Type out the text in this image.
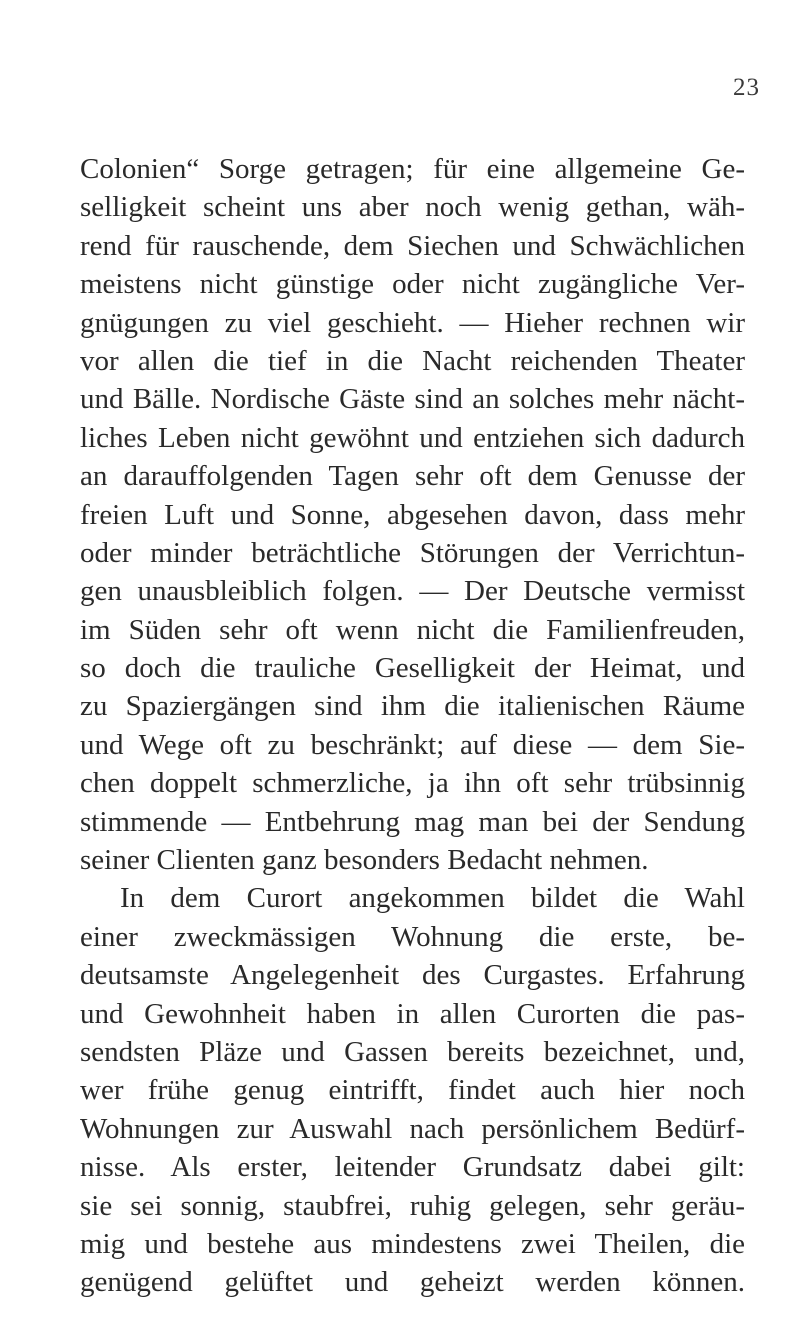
23
Colonien“ Sorge getragen; für eine allgemeine Ge-
selligkeit scheint uns aber noch wenig gethan, wäh-
rend für rauschende, dem Siechen und Schwächlichen
meistens nicht günstige oder nicht zugängliche Ver-
gnügungen zu viel geschieht. — Hieher rechnen wir
vor allen die tief in die Nacht reichenden Theater
und Bälle. Nordische Gäste sind an solches mehr nächt-
liches Leben nicht gewöhnt und entziehen sich dadurch
an darauffolgenden Tagen sehr oft dem Genusse der
freien Luft und Sonne, abgesehen davon, dass mehr
oder minder beträchtliche Störungen der Verrichtun-
gen unausbleiblich folgen. — Der Deutsche vermisst
im Süden sehr oft wenn nicht die Familienfreuden,
so doch die trauliche Geselligkeit der Heimat, und
zu Spaziergängen sind ihm die italienischen Räume
und Wege oft zu beschränkt; auf diese — dem Sie-
chen doppelt schmerzliche, ja ihn oft sehr trübsinnig
stimmende — Entbehrung mag man bei der Sendung
seiner Clienten ganz besonders Bedacht nehmen.
In dem Curort angekommen bildet die Wahl
einer zweckmässigen Wohnung die erste, be-
deutsamste Angelegenheit des Curgastes. Erfahrung
und Gewohnheit haben in allen Curorten die pas-
sendsten Pläze und Gassen bereits bezeichnet, und,
wer frühe genug eintrifft, findet auch hier noch
Wohnungen zur Auswahl nach persönlichem Bedürf-
nisse. Als erster, leitender Grundsatz dabei gilt:
sie sei sonnig, staubfrei, ruhig gelegen, sehr geräu-
mig und bestehe aus mindestens zwei Theilen, die
genügend gelüftet und geheizt werden können.
